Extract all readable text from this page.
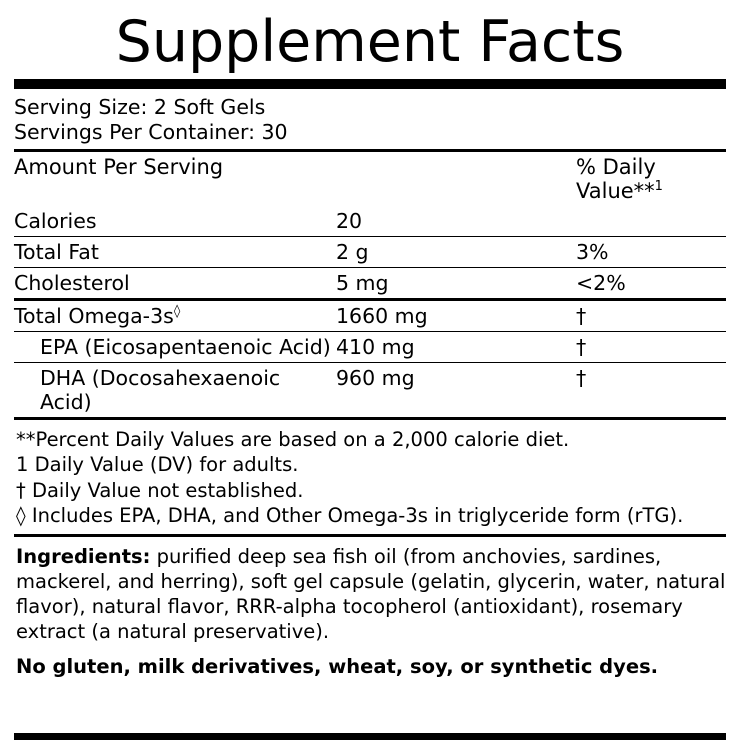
Supplement Facts
Serving Size: 2 Soft Gels
Servings Per Container: 30
Amount Per Serving		% Daily Value**$^1$
Calories	20	
Total Fat	2 g	3%
Cholesterol	5 mg	<2%
Total Omega-3s◊	1660 mg	†
EPA (Eicosapentaenoic Acid)	410 mg	†
DHA (Docosahexaenoic Acid)	960 mg	†
**Percent Daily Values are based on a 2,000 calorie diet.
1 Daily Value (DV) for adults.
† Daily Value not established.
◊ Includes EPA, DHA, and Other Omega-3s in triglyceride form (rTG).
Ingredients: purified deep sea fish oil (from anchovies, sardines, mackerel, and herring), soft gel capsule (gelatin, glycerin, water, natural flavor), natural flavor, RRR-alpha tocopherol (antioxidant), rosemary extract (a natural preservative).
No gluten, milk derivatives, wheat, soy, or synthetic dyes.
